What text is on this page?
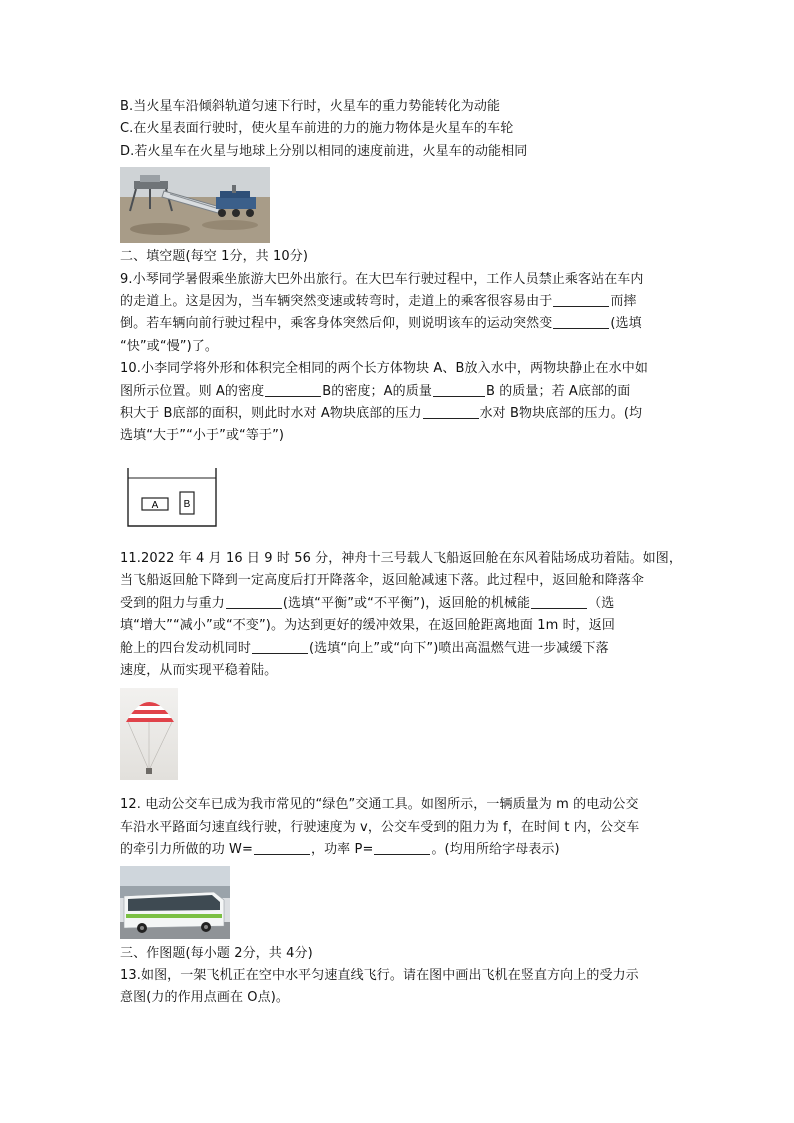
B.当火星车沿倾斜轨道匀速下行时，火星车的重力势能转化为动能

C.在火星表面行驶时，使火星车前进的力的施力物体是火星车的车轮

D.若火星车在火星与地球上分别以相同的速度前进，火星车的动能相同

二、填空题(每空 1分，共 10分)

9.小琴同学暑假乘坐旅游大巴外出旅行。在大巴车行驶过程中，工作人员禁止乘客站在车内

的走道上。这是因为，当车辆突然变速或转弯时，走道上的乘客很容易由于	而摔

倒。若车辆向前行驶过程中，乘客身体突然后仰，则说明该车的运动突然变	(选填

“快”或“慢”)了。

10.小李同学将外形和体积完全相同的两个长方体物块 A、B放入水中，两物块静止在水中如

图所示位置。则 A的密度	B的密度；A的质量	B 的质量；若 A底部的面

积大于 B底部的面积，则此时水对 A物块底部的压力	水对 B物块底部的压力。(均

选填“大于”“小于”或“等于”)

A	B

11.2022 年 4 月 16 日 9 时 56 分，神舟十三号载人飞船返回舱在东风着陆场成功着陆。如图，

当飞船返回舱下降到一定高度后打开降落伞，返回舱减速下落。此过程中，返回舱和降落伞

受到的阻力与重力	(选填“平衡”或“不平衡”)，返回舱的机械能	（选

填“增大”“减小”或“不变”)。为达到更好的缓冲效果，在返回舱距离地面 1m 时，返回

舱上的四台发动机同时	(选填“向上”或“向下”)喷出高温燃气进一步减缓下落

速度，从而实现平稳着陆。

12. 电动公交车已成为我市常见的“绿色”交通工具。如图所示，一辆质量为 m 的电动公交

车沿水平路面匀速直线行驶，行驶速度为 v，公交车受到的阻力为 f，在时间 t 内，公交车

的牵引力所做的功 W=	，功率 P=	。(均用所给字母表示)

三、作图题(每小题 2分，共 4分)

13.如图，一架飞机正在空中水平匀速直线飞行。请在图中画出飞机在竖直方向上的受力示

意图(力的作用点画在 O点)。
